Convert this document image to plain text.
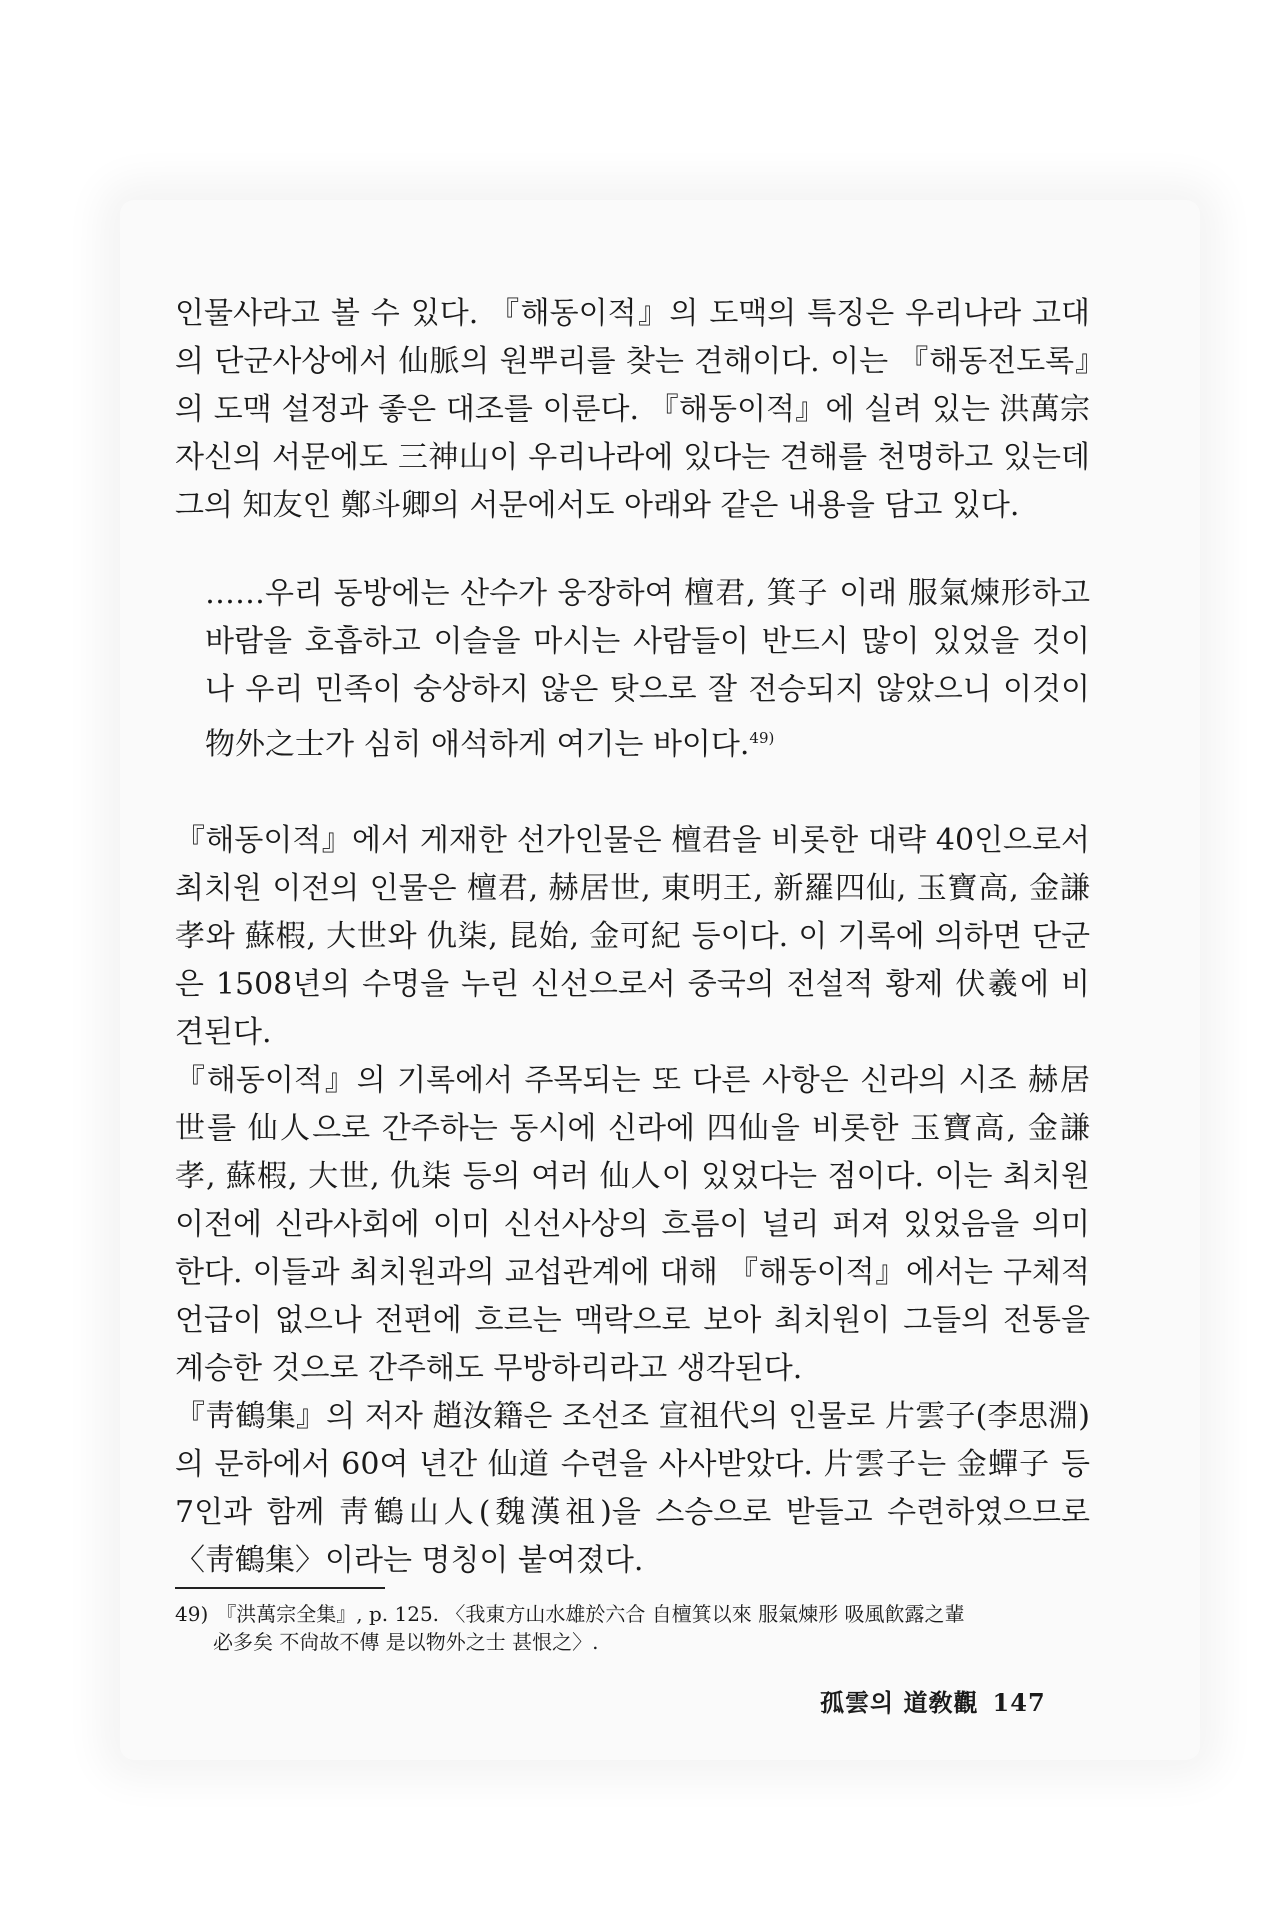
인물사라고 볼 수 있다. 『해동이적』의 도맥의 특징은 우리나라 고대의 단군사상에서 仙脈의 원뿌리를 찾는 견해이다. 이는 『해동전도록』의 도맥 설정과 좋은 대조를 이룬다. 『해동이적』에 실려 있는 洪萬宗 자신의 서문에도 三神山이 우리나라에 있다는 견해를 천명하고 있는데 그의 知友인 鄭斗卿의 서문에서도 아래와 같은 내용을 담고 있다.

……우리 동방에는 산수가 웅장하여 檀君, 箕子 이래 服氣煉形하고 바람을 호흡하고 이슬을 마시는 사람들이 반드시 많이 있었을 것이나 우리 민족이 숭상하지 않은 탓으로 잘 전승되지 않았으니 이것이 物外之士가 심히 애석하게 여기는 바이다.$^{49)}$

『해동이적』에서 게재한 선가인물은 檀君을 비롯한 대략 40인으로서 최치원 이전의 인물은 檀君, 赫居世, 東明王, 新羅四仙, 玉寶高, 金謙孝와 蘇椵, 大世와 仇柒, 昆始, 金可紀 등이다. 이 기록에 의하면 단군은 1508년의 수명을 누린 신선으로서 중국의 전설적 황제 伏羲에 비견된다.

『해동이적』의 기록에서 주목되는 또 다른 사항은 신라의 시조 赫居世를 仙人으로 간주하는 동시에 신라에 四仙을 비롯한 玉寶高, 金謙孝, 蘇椵, 大世, 仇柒 등의 여러 仙人이 있었다는 점이다. 이는 최치원 이전에 신라사회에 이미 신선사상의 흐름이 널리 퍼져 있었음을 의미한다. 이들과 최치원과의 교섭관계에 대해 『해동이적』에서는 구체적 언급이 없으나 전편에 흐르는 맥락으로 보아 최치원이 그들의 전통을 계승한 것으로 간주해도 무방하리라고 생각된다.

『靑鶴集』의 저자 趙汝籍은 조선조 宣祖代의 인물로 片雲子(李思淵)의 문하에서 60여 년간 仙道 수련을 사사받았다. 片雲子는 金蟬子 등 7인과 함께 靑鶴山人(魏漢祖)을 스승으로 받들고 수련하였으므로 〈靑鶴集〉이라는 명칭이 붙여졌다.

49) 『洪萬宗全集』, p. 125. 〈我東方山水雄於六合 自檀箕以來 服氣煉形 吸風飮露之輩
必多矣 不尙故不傳 是以物外之士 甚恨之〉.
孤雲의 道敎觀 147
